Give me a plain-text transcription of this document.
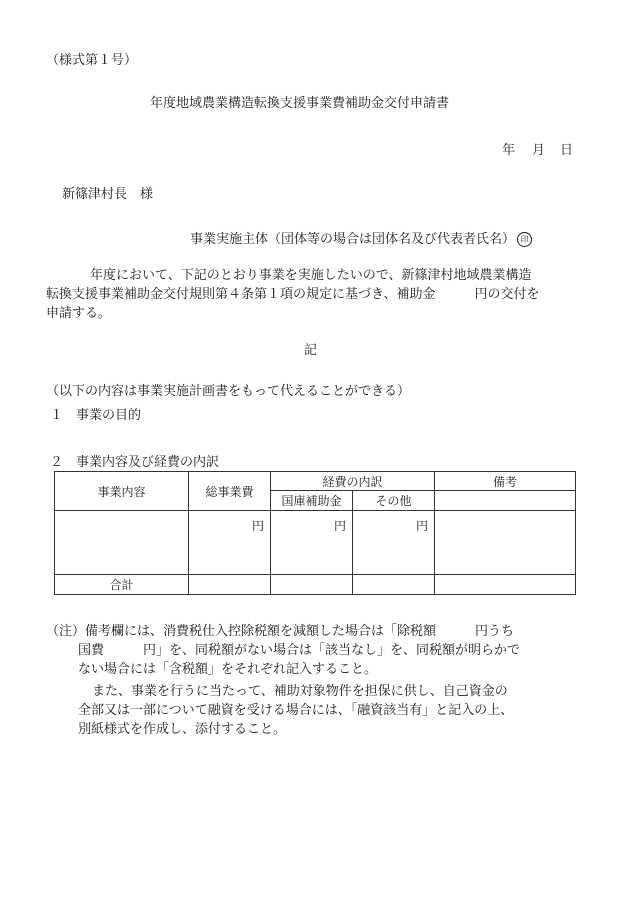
（様式第１号）
年度地域農業構造転換支援事業費補助金交付申請書
年 月 日
新篠津村長　様
事業実施主体（団体等の場合は団体名及び代表者氏名） 印
年度において、下記のとおり事業を実施したいので、新篠津村地域農業構造
転換支援事業補助金交付規則第４条第１項の規定に基づき、補助金　　　円の交付を
申請する。
記
（以下の内容は事業実施計画書をもって代えることができる）
１　事業の目的
２　事業内容及び経費の内訳
事業内容	総事業費	経費の内訳		備考
		国庫補助金	その他	
	円	円	円	
合計				
（注）備考欄には、消費税仕入控除税額を減額した場合は「除税額　　　円うち
国費　　　円」を、同税額がない場合は「該当なし」を、同税額が明らかで
ない場合には「含税額」をそれぞれ記入すること。
また、事業を行うに当たって、補助対象物件を担保に供し、自己資金の
全部又は一部について融資を受ける場合には、「融資該当有」と記入の上、
別紙様式を作成し、添付すること。
